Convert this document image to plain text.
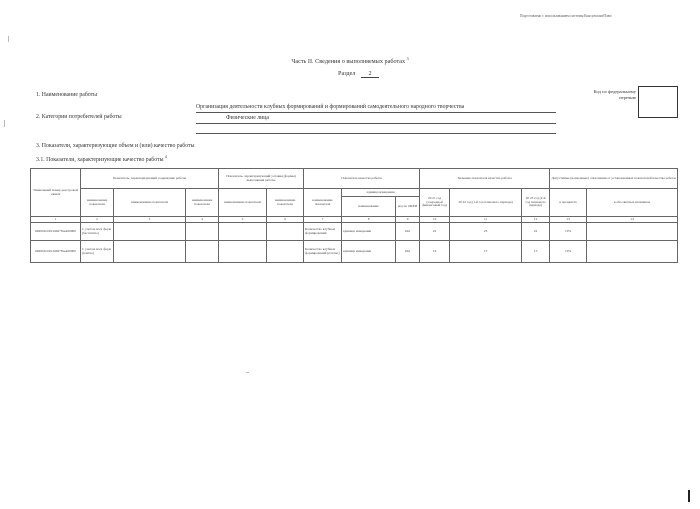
Подготовлено с использованием системы КонсультантПлюс
Часть II. Сведения о выполняемых работах $^3$
Раздел 2
1. Наименование работы
Организация деятельности клубных формирований и формирований самодеятельного народного творчества
2. Категории потребителей работы	Физические лица
3. Показатели, характеризующие объем и (или) качество работы
3.1. Показатели, характеризующие качество работы $^4$
Код по федеральному
перечню
Уникальный номер реестровой записи	Показатель, характеризующий содержание работы			Показатель, характеризующий условия (формы) выполнения работы		Показатель качества работы			Значение показателя качества работы			Допустимые (возможные) отклонения от установленных показателей качества работы	
	наименование показателя	наименование показателя	наименование показателя	наименование показателя	наименование показателя	наименование показателя	единица измерения		20 21 год (очередной финансовый год)	20 22 год (1-й год планового периода)	20 23 год (2-й год планового периода)	в процентах	в абсолютных величинах
							наименование	код по ОКЕИ					
1	2	3	4	5	6	7	8	9	10	11	12	13	14
949916О.99.0.ББ78АА00000	С учетом всех форм (бесплатно)					Количество клубных формирований	единица измерения	642	22	23	22	10%	
949916О.99.0.ББ78АА00000	С учетом всех форм (платно)					Количество клубных формирований (платно)	единица измерения	642	16	15	15	10%	
